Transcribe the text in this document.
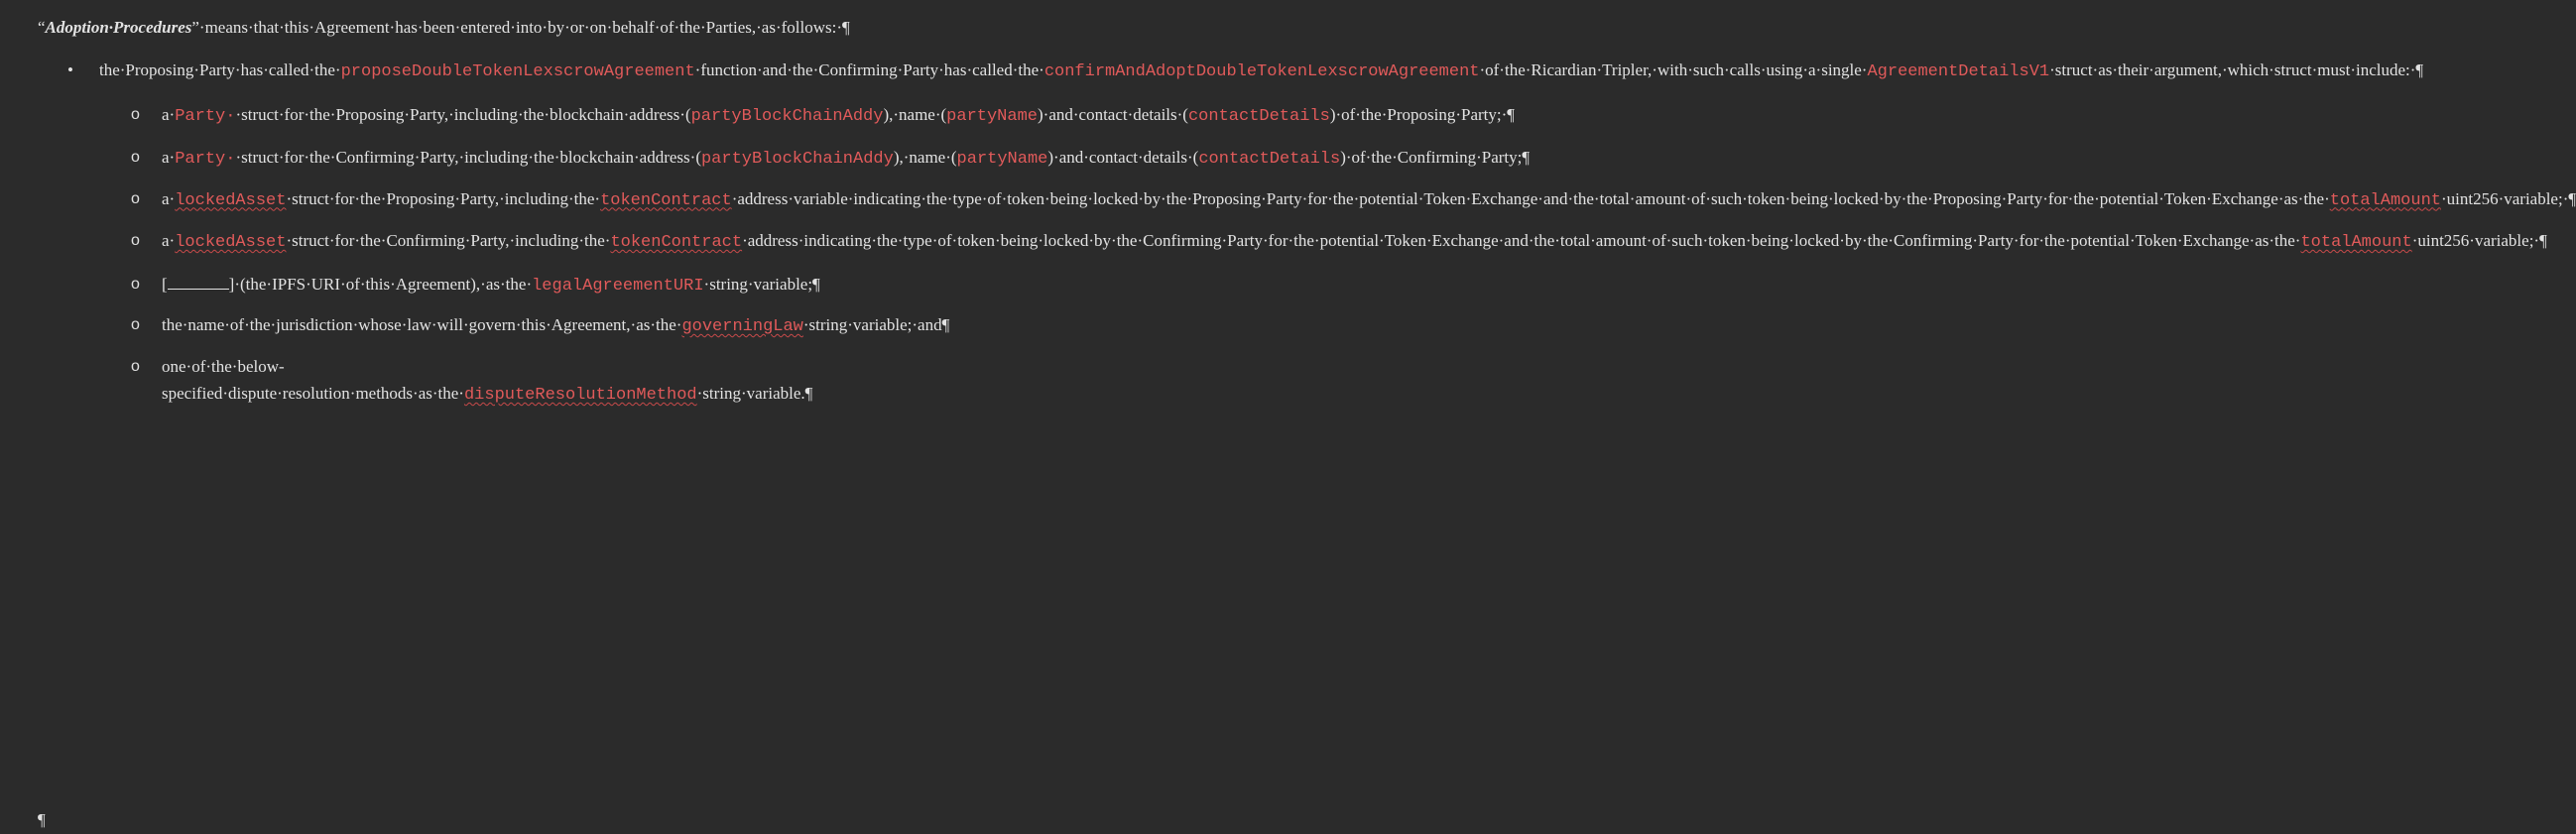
“Adoption·Procedures”·means·that·this·Agreement·has·been·entered·into·by·or·on·behalf·of·the·Parties,·as·follows:·¶

• the·Proposing·Party·has·called·the·proposeDoubleTokenLexscrowAgreement·function·and·the·Confirming·Party·has·called·the·confirmAndAdoptDoubleTokenLexscrowAgreement·of·the·Ricardian·Tripler,·with·such·calls·using·a·single·AgreementDetailsV1·struct·as·their·argument,·which·struct·must·include:·¶
o a·Party··struct·for·the·Proposing·Party,·including·the·blockchain·address·(partyBlockChainAddy),·name·(partyName)·and·contact·details·(contactDetails)·of·the·Proposing·Party;·¶
o a·Party··struct·for·the·Confirming·Party,·including·the·blockchain·address·(partyBlockChainAddy),·name·(partyName)·and·contact·details·(contactDetails)·of·the·Confirming·Party;¶
o a·lockedAsset·struct·for·the·Proposing·Party,·including·the·tokenContract·address·variable·indicating·the·type·of·token·being·locked·by·the·Proposing·Party·for·the·potential·Token·Exchange·and·the·total·amount·of·such·token·being·locked·by·the·Proposing·Party·for·the·potential·Token·Exchange·as·the·totalAmount·uint256·variable;·¶
o a·lockedAsset·struct·for·the·Confirming·Party,·including·the·tokenContract·address·indicating·the·type·of·token·being·locked·by·the·Confirming·Party·for·the·potential·Token·Exchange·and·the·total·amount·of·such·token·being·locked·by·the·Confirming·Party·for·the·potential·Token·Exchange·as·the·totalAmount·uint256·variable;·¶
o [	]·(the·IPFS·URI·of·this·Agreement),·as·the·legalAgreementURI·string·variable;¶
o the·name·of·the·jurisdiction·whose·law·will·govern·this·Agreement,·as·the·governingLaw·string·variable;·and¶
o one·of·the·below-specified·dispute·resolution·methods·as·the·disputeResolutionMethod·string·variable.¶
¶
